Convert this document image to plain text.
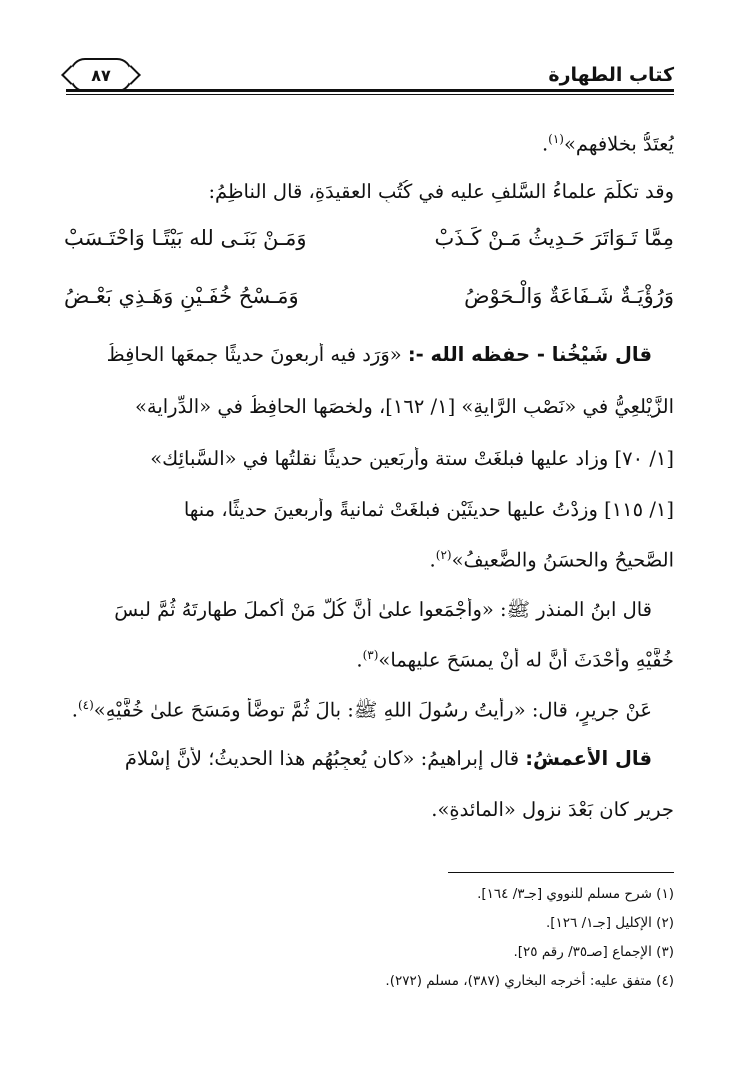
كتاب الطهارة
٨٧
يُعتَدُّ بخلافهم»$^{(١)}$.
وقد تكلَّمَ علماءُ السَّلفِ عليه في كُتُبِ العقيدَةِ، قال الناظِمُ:
مِمَّا تَـوَاتَرَ حَـدِيثُ مَـنْ كَـذَبْ
وَمَـنْ بَنَـى لله بَيْتًـا وَاحْتَـسَبْ
وَرُؤْيَـةٌ شَـفَاعَةٌ وَالْـحَوْضُ
وَمَـسْحُ خُفَـيْنِ وَهَـذِي بَعْـضُ
قال شَيْخُنا - حفظه الله -: «وَرَد فيه أربعونَ حديثًا جمعَها الحافِظُ
الزَّيْلعِيُّ في «نَصْبِ الرَّايةِ» [١/ ١٦٢]، ولخصَها الحافِظُ في «الدِّراية»
[١/ ٧٠] وزاد عليها فبلغَتْ ستة وأربَعين حديثًا نقلتُها في «السَّبائِك»
[١/ ١١٥] وزِدْتُ عليها حديثَيْنِ فبلغَتْ ثمانيةً وأربعينَ حديثًا، منها
الصَّحيحُ والحسَنُ والضَّعيفُ»$^{(٢)}$.
قال ابنُ المنذر ﷺ: «وأجْمَعوا علىٰ أنَّ كُلَّ مَنْ أكملَ طهارتَهُ ثُمَّ لبسَ
خُفَّيْهِ وأَحْدَثَ أنَّ له أنْ يمسَحَ عليهما»$^{(٣)}$.
عَنْ جريرٍ، قال: «رأيتُ رسُولَ اللهِ ﷺ: بالَ ثُمَّ توضَّأ ومَسَحَ علىٰ خُفَّيْهِ»$^{(٤)}$.
قال الأعمشُ: قال إبراهيمُ: «كان يُعجِبُهُم هذا الحديثُ؛ لأَنَّ إسْلامَ
جريرٍ كان بَعْدَ نزولِ «المائدةِ».
(١) شرح مسلم للنووي [جـ٣/ ١٦٤].
(٢) الإكليل [جـ١/ ١٢٦].
(٣) الإجماع [صـ٣٥/ رقم ٢٥].
(٤) متفق عليه: أخرجه البخاري (٣٨٧)، مسلم (٢٧٢).
